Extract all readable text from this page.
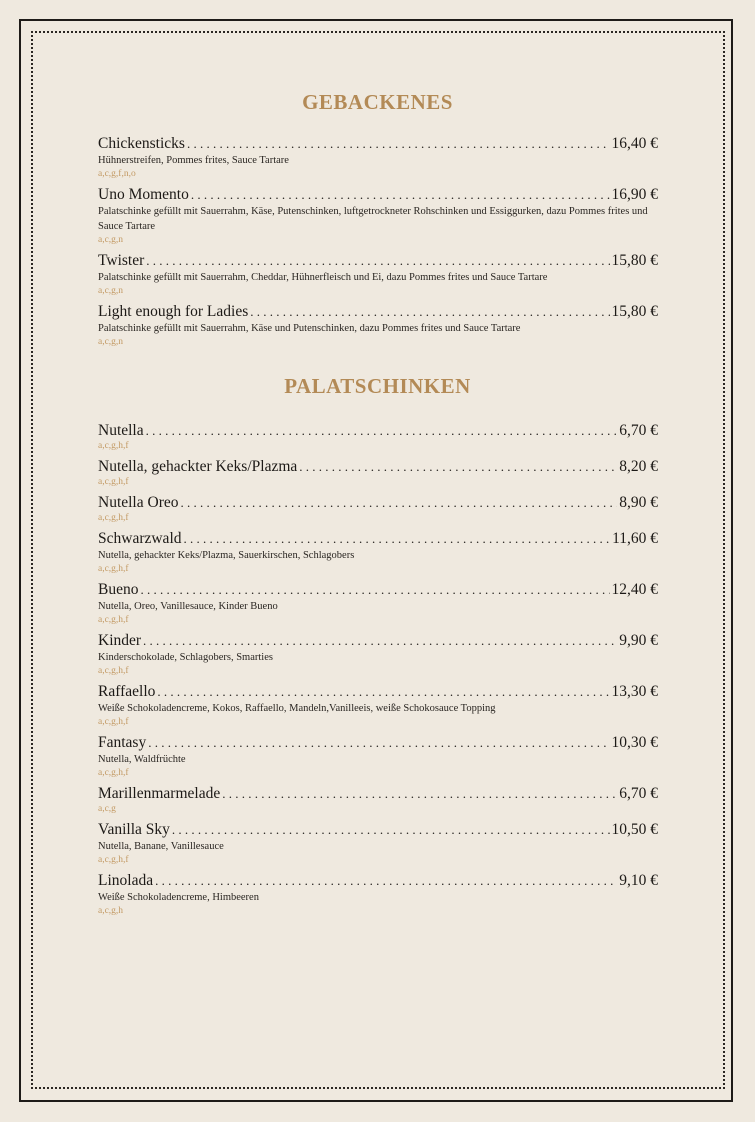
GEBACKENES
Chickensticks . . .	16,40 €
Hühnerstreifen, Pommes frites, Sauce Tartare
a,c,g,f,n,o
Uno Momento . . .	16,90 €
Palatschinke gefüllt mit Sauerrahm, Käse, Putenschinken, luftgetrockneter Rohschinken und Essiggurken, dazu Pommes frites und Sauce Tartare
a,c,g,n
Twister . . .	15,80 €
Palatschinke gefüllt mit Sauerrahm, Cheddar, Hühnerfleisch und Ei, dazu Pommes frites und Sauce Tartare
a,c,g,n
Light enough for Ladies . . .	15,80 €
Palatschinke gefüllt mit Sauerrahm, Käse und Putenschinken, dazu Pommes frites und Sauce Tartare
a,c,g,n
PALATSCHINKEN
Nutella . . .	6,70 €
a,c,g,h,f
Nutella, gehackter Keks/Plazma . . .	8,20 €
a,c,g,h,f
Nutella Oreo . . .	8,90 €
a,c,g,h,f
Schwarzwald . . .	11,60 €
Nutella, gehackter Keks/Plazma, Sauerkirschen, Schlagobers
a,c,g,h,f
Bueno . . .	12,40 €
Nutella, Oreo, Vanillesauce, Kinder Bueno
a,c,g,h,f
Kinder . . .	9,90 €
Kinderschokolade, Schlagobers, Smarties
a,c,g,h,f
Raffaello . . .	13,30 €
Weiße Schokoladencreme, Kokos, Raffaello, Mandeln,Vanilleeis, weiße Schokosauce Topping
a,c,g,h,f
Fantasy . . .	10,30 €
Nutella, Waldfrüchte
a,c,g,h,f
Marillenmarmelade . . .	6,70 €
a,c,g
Vanilla Sky . . .	10,50 €
Nutella, Banane, Vanillesauce
a,c,g,h,f
Linolada . . .	9,10 €
Weiße Schokoladencreme, Himbeeren
a,c,g,h
